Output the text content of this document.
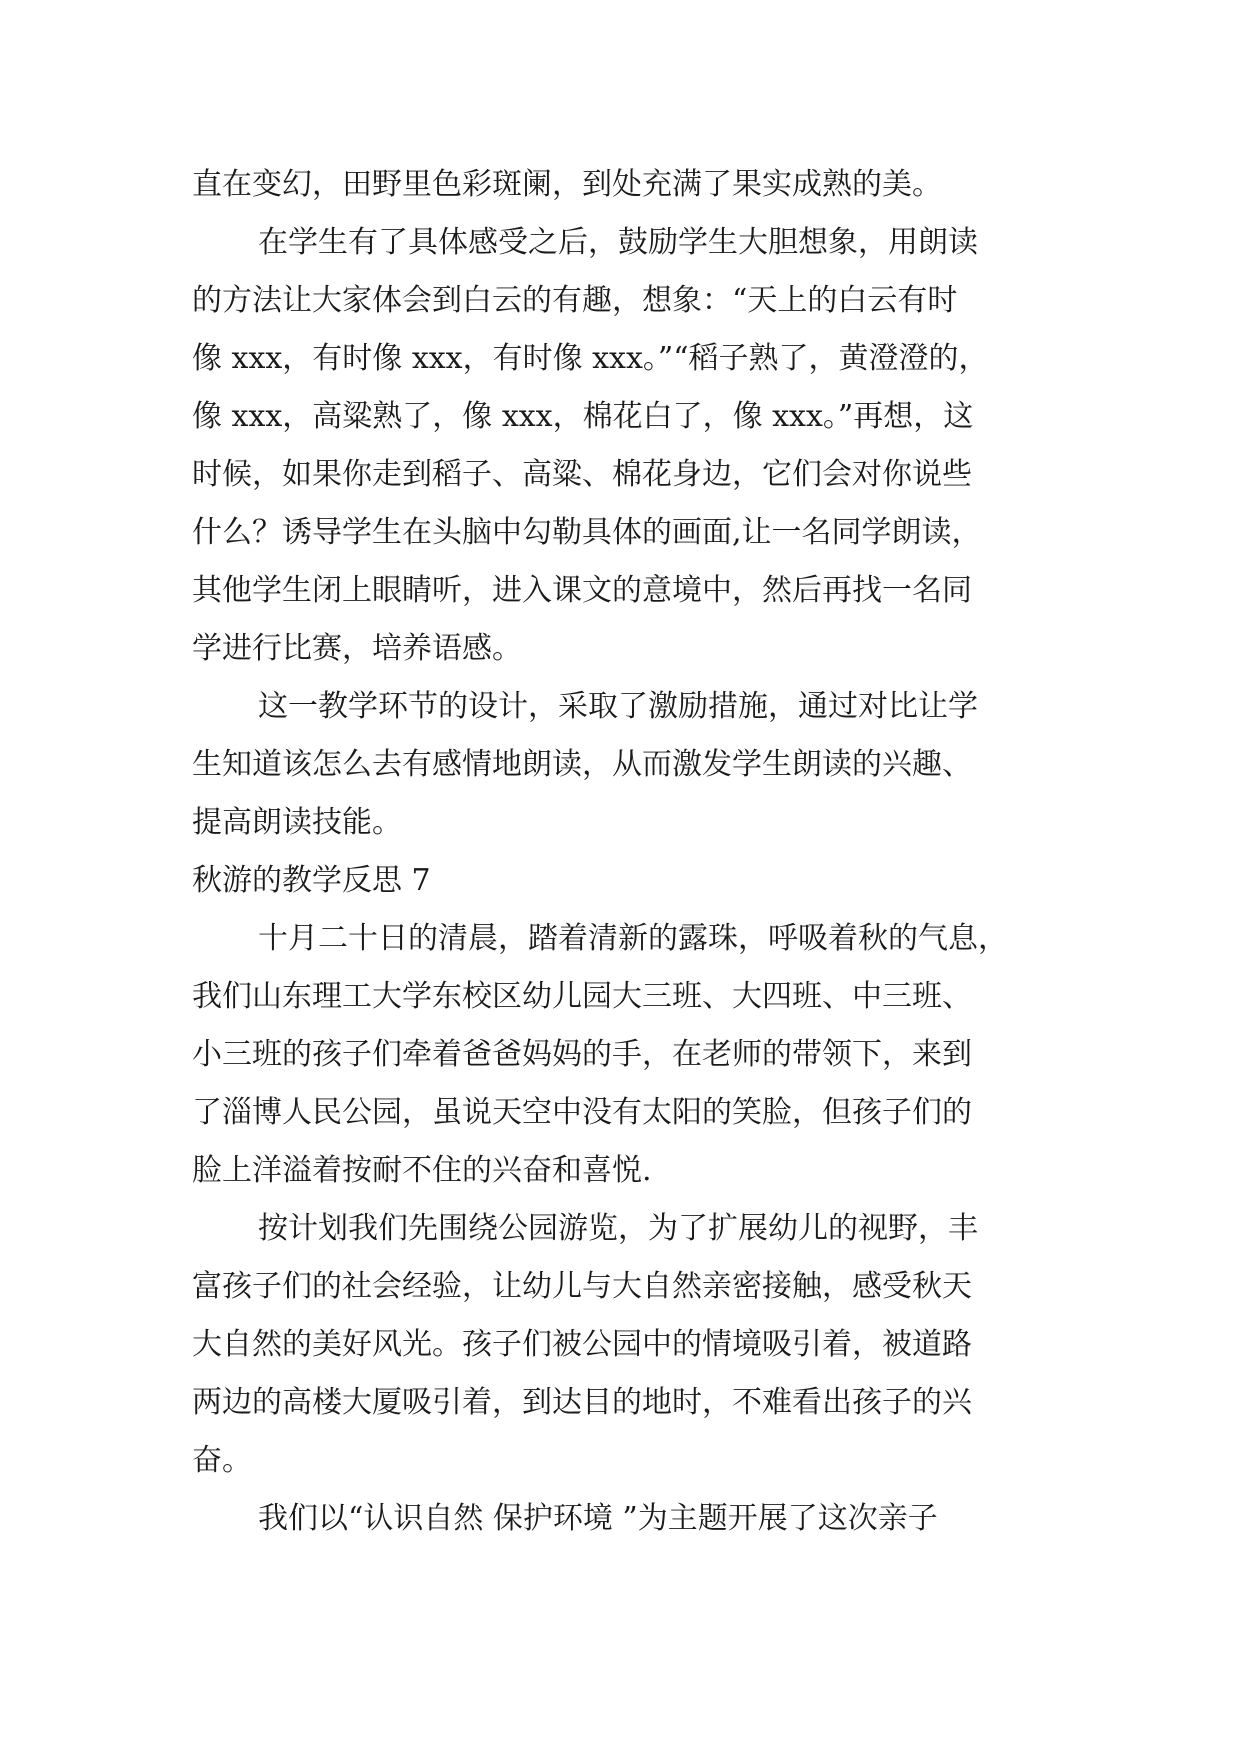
直在变幻，田野里色彩斑阑，到处充满了果实成熟的美。
在学生有了具体感受之后，鼓励学生大胆想象，用朗读
的方法让大家体会到白云的有趣，想象：“天上的白云有时
像 xxx，有时像 xxx，有时像 xxx。”“稻子熟了，黄澄澄的，
像 xxx，高粱熟了，像 xxx，棉花白了，像 xxx。”再想，这
时候，如果你走到稻子、高粱、棉花身边，它们会对你说些
什么？诱导学生在头脑中勾勒具体的画面,让一名同学朗读，
其他学生闭上眼睛听，进入课文的意境中，然后再找一名同
学进行比赛，培养语感。
这一教学环节的设计，采取了激励措施，通过对比让学
生知道该怎么去有感情地朗读，从而激发学生朗读的兴趣、
提高朗读技能。
秋游的教学反思 7
十月二十日的清晨，踏着清新的露珠，呼吸着秋的气息，
我们山东理工大学东校区幼儿园大三班、大四班、中三班、
小三班的孩子们牵着爸爸妈妈的手，在老师的带领下，来到
了淄博人民公园，虽说天空中没有太阳的笑脸，但孩子们的
脸上洋溢着按耐不住的兴奋和喜悦.
按计划我们先围绕公园游览，为了扩展幼儿的视野，丰
富孩子们的社会经验，让幼儿与大自然亲密接触，感受秋天
大自然的美好风光。孩子们被公园中的情境吸引着，被道路
两边的高楼大厦吸引着，到达目的地时，不难看出孩子的兴
奋。
我们以“认识自然 保护环境 ”为主题开展了这次亲子
